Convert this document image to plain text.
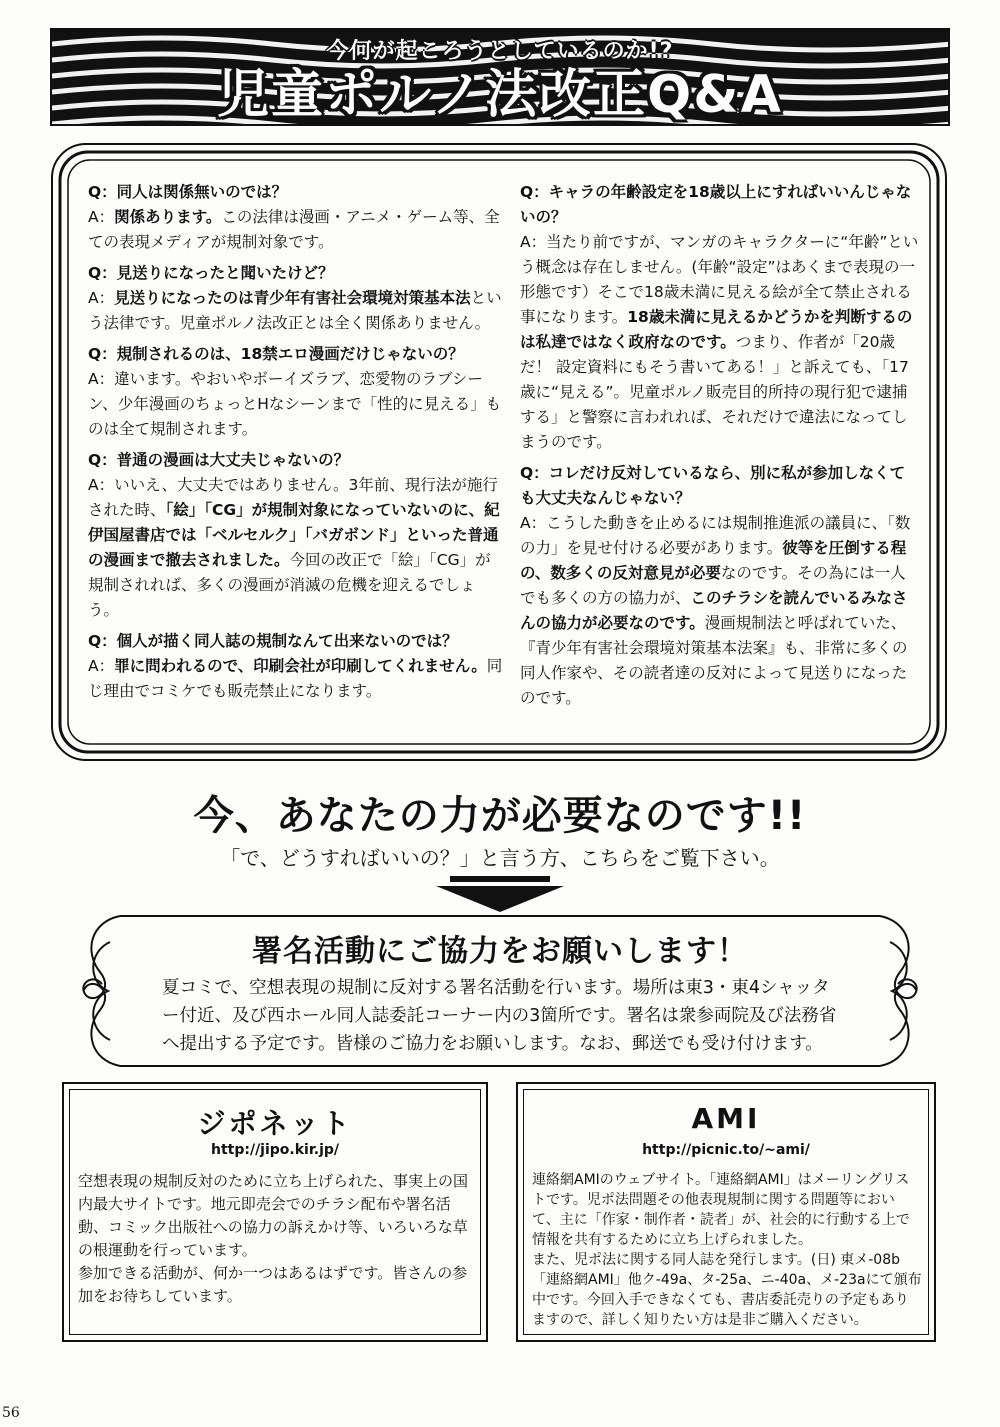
今何が起ころうとしているのか!?
児童ポルノ法改正Q&A
Q：同人は関係無いのでは？
A：関係あります。この法律は漫画・アニメ・ゲーム等、全ての表現メディアが規制対象です。
Q：見送りになったと聞いたけど？
A：見送りになったのは青少年有害社会環境対策基本法という法律です。児童ポルノ法改正とは全く関係ありません。
Q：規制されるのは、18禁エロ漫画だけじゃないの？
A：違います。やおいやボーイズラブ、恋愛物のラブシーン、少年漫画のちょっとHなシーンまで「性的に見える」ものは全て規制されます。
Q：普通の漫画は大丈夫じゃないの？
A：いいえ、大丈夫ではありません。3年前、現行法が施行された時、「絵」「CG」が規制対象になっていないのに、紀伊国屋書店では「ベルセルク」「バガボンド」といった普通の漫画まで撤去されました。今回の改正で「絵」「CG」が規制されれば、多くの漫画が消滅の危機を迎えるでしょう。
Q：個人が描く同人誌の規制なんて出来ないのでは？
A：罪に問われるので、印刷会社が印刷してくれません。同じ理由でコミケでも販売禁止になります。
Q：キャラの年齢設定を18歳以上にすればいいんじゃないの？
A：当たり前ですが、マンガのキャラクターに“年齢”という概念は存在しません。(年齢“設定”はあくまで表現の一形態です）そこで18歳未満に見える絵が全て禁止される事になります。18歳未満に見えるかどうかを判断するのは私達ではなく政府なのです。つまり、作者が「20歳だ！ 設定資料にもそう書いてある！」と訴えても、「17歳に“見える”。児童ポルノ販売目的所持の現行犯で逮捕する」と警察に言われれば、それだけで違法になってしまうのです。
Q：コレだけ反対しているなら、別に私が参加しなくても大丈夫なんじゃない？
A：こうした動きを止めるには規制推進派の議員に、「数の力」を見せ付ける必要があります。彼等を圧倒する程の、数多くの反対意見が必要なのです。その為には一人でも多くの方の協力が、このチラシを読んでいるみなさんの協力が必要なのです。漫画規制法と呼ばれていた、『青少年有害社会環境対策基本法案』も、非常に多くの同人作家や、その読者達の反対によって見送りになったのです。
今、あなたの力が必要なのです!!
「で、どうすればいいの？」と言う方、こちらをご覧下さい。
署名活動にご協力をお願いします！
夏コミで、空想表現の規制に反対する署名活動を行います。場所は東3・東4シャッター付近、及び西ホール同人誌委託コーナー内の3箇所です。署名は衆参両院及び法務省へ提出する予定です。皆様のご協力をお願いします。なお、郵送でも受け付けます。
ジポネット
http://jipo.kir.jp/
空想表現の規制反対のために立ち上げられた、事実上の国内最大サイトです。地元即売会でのチラシ配布や署名活動、コミック出版社への協力の訴えかけ等、いろいろな草の根運動を行っています。
参加できる活動が、何か一つはあるはずです。皆さんの参加をお待ちしています。
AMI
http://picnic.to/~ami/
連絡網AMIのウェブサイト。「連絡網AMI」はメーリングリストです。児ポ法問題その他表現規制に関する問題等において、主に「作家・制作者・読者」が、社会的に行動する上で情報を共有するために立ち上げられました。
また、児ポ法に関する同人誌を発行します。(日) 東メ-08b「連絡網AMI」他ク-49a、タ-25a、ニ-40a、メ-23aにて頒布中です。今回入手できなくても、書店委託売りの予定もありますので、詳しく知りたい方は是非ご購入ください。
56
